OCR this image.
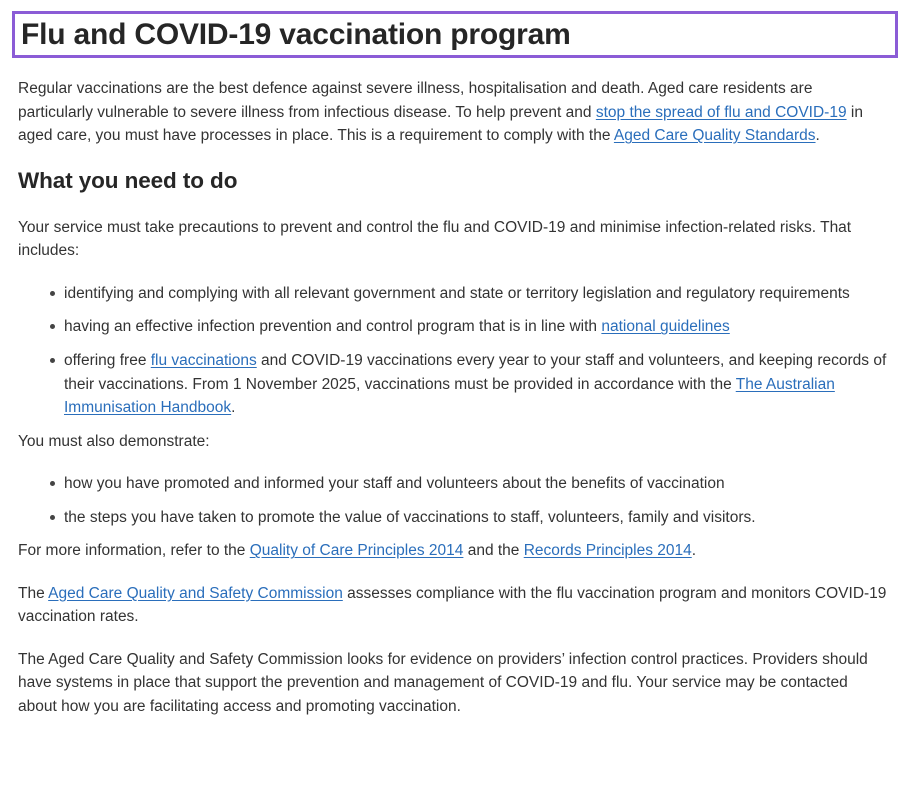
Flu and COVID-19 vaccination program

Regular vaccinations are the best defence against severe illness, hospitalisation and death. Aged care residents are particularly vulnerable to severe illness from infectious disease. To help prevent and stop the spread of flu and COVID-19 in aged care, you must have processes in place. This is a requirement to comply with the Aged Care Quality Standards.

What you need to do

Your service must take precautions to prevent and control the flu and COVID-19 and minimise infection-related risks. That includes:

identifying and complying with all relevant government and state or territory legislation and regulatory requirements
having an effective infection prevention and control program that is in line with national guidelines
offering free flu vaccinations and COVID-19 vaccinations every year to your staff and volunteers, and keeping records of their vaccinations. From 1 November 2025, vaccinations must be provided in accordance with the The Australian Immunisation Handbook.

You must also demonstrate:

how you have promoted and informed your staff and volunteers about the benefits of vaccination
the steps you have taken to promote the value of vaccinations to staff, volunteers, family and visitors.

For more information, refer to the Quality of Care Principles 2014 and the Records Principles 2014.

The Aged Care Quality and Safety Commission assesses compliance with the flu vaccination program and monitors COVID-19 vaccination rates.

The Aged Care Quality and Safety Commission looks for evidence on providers’ infection control practices. Providers should have systems in place that support the prevention and management of COVID-19 and flu. Your service may be contacted about how you are facilitating access and promoting vaccination.
